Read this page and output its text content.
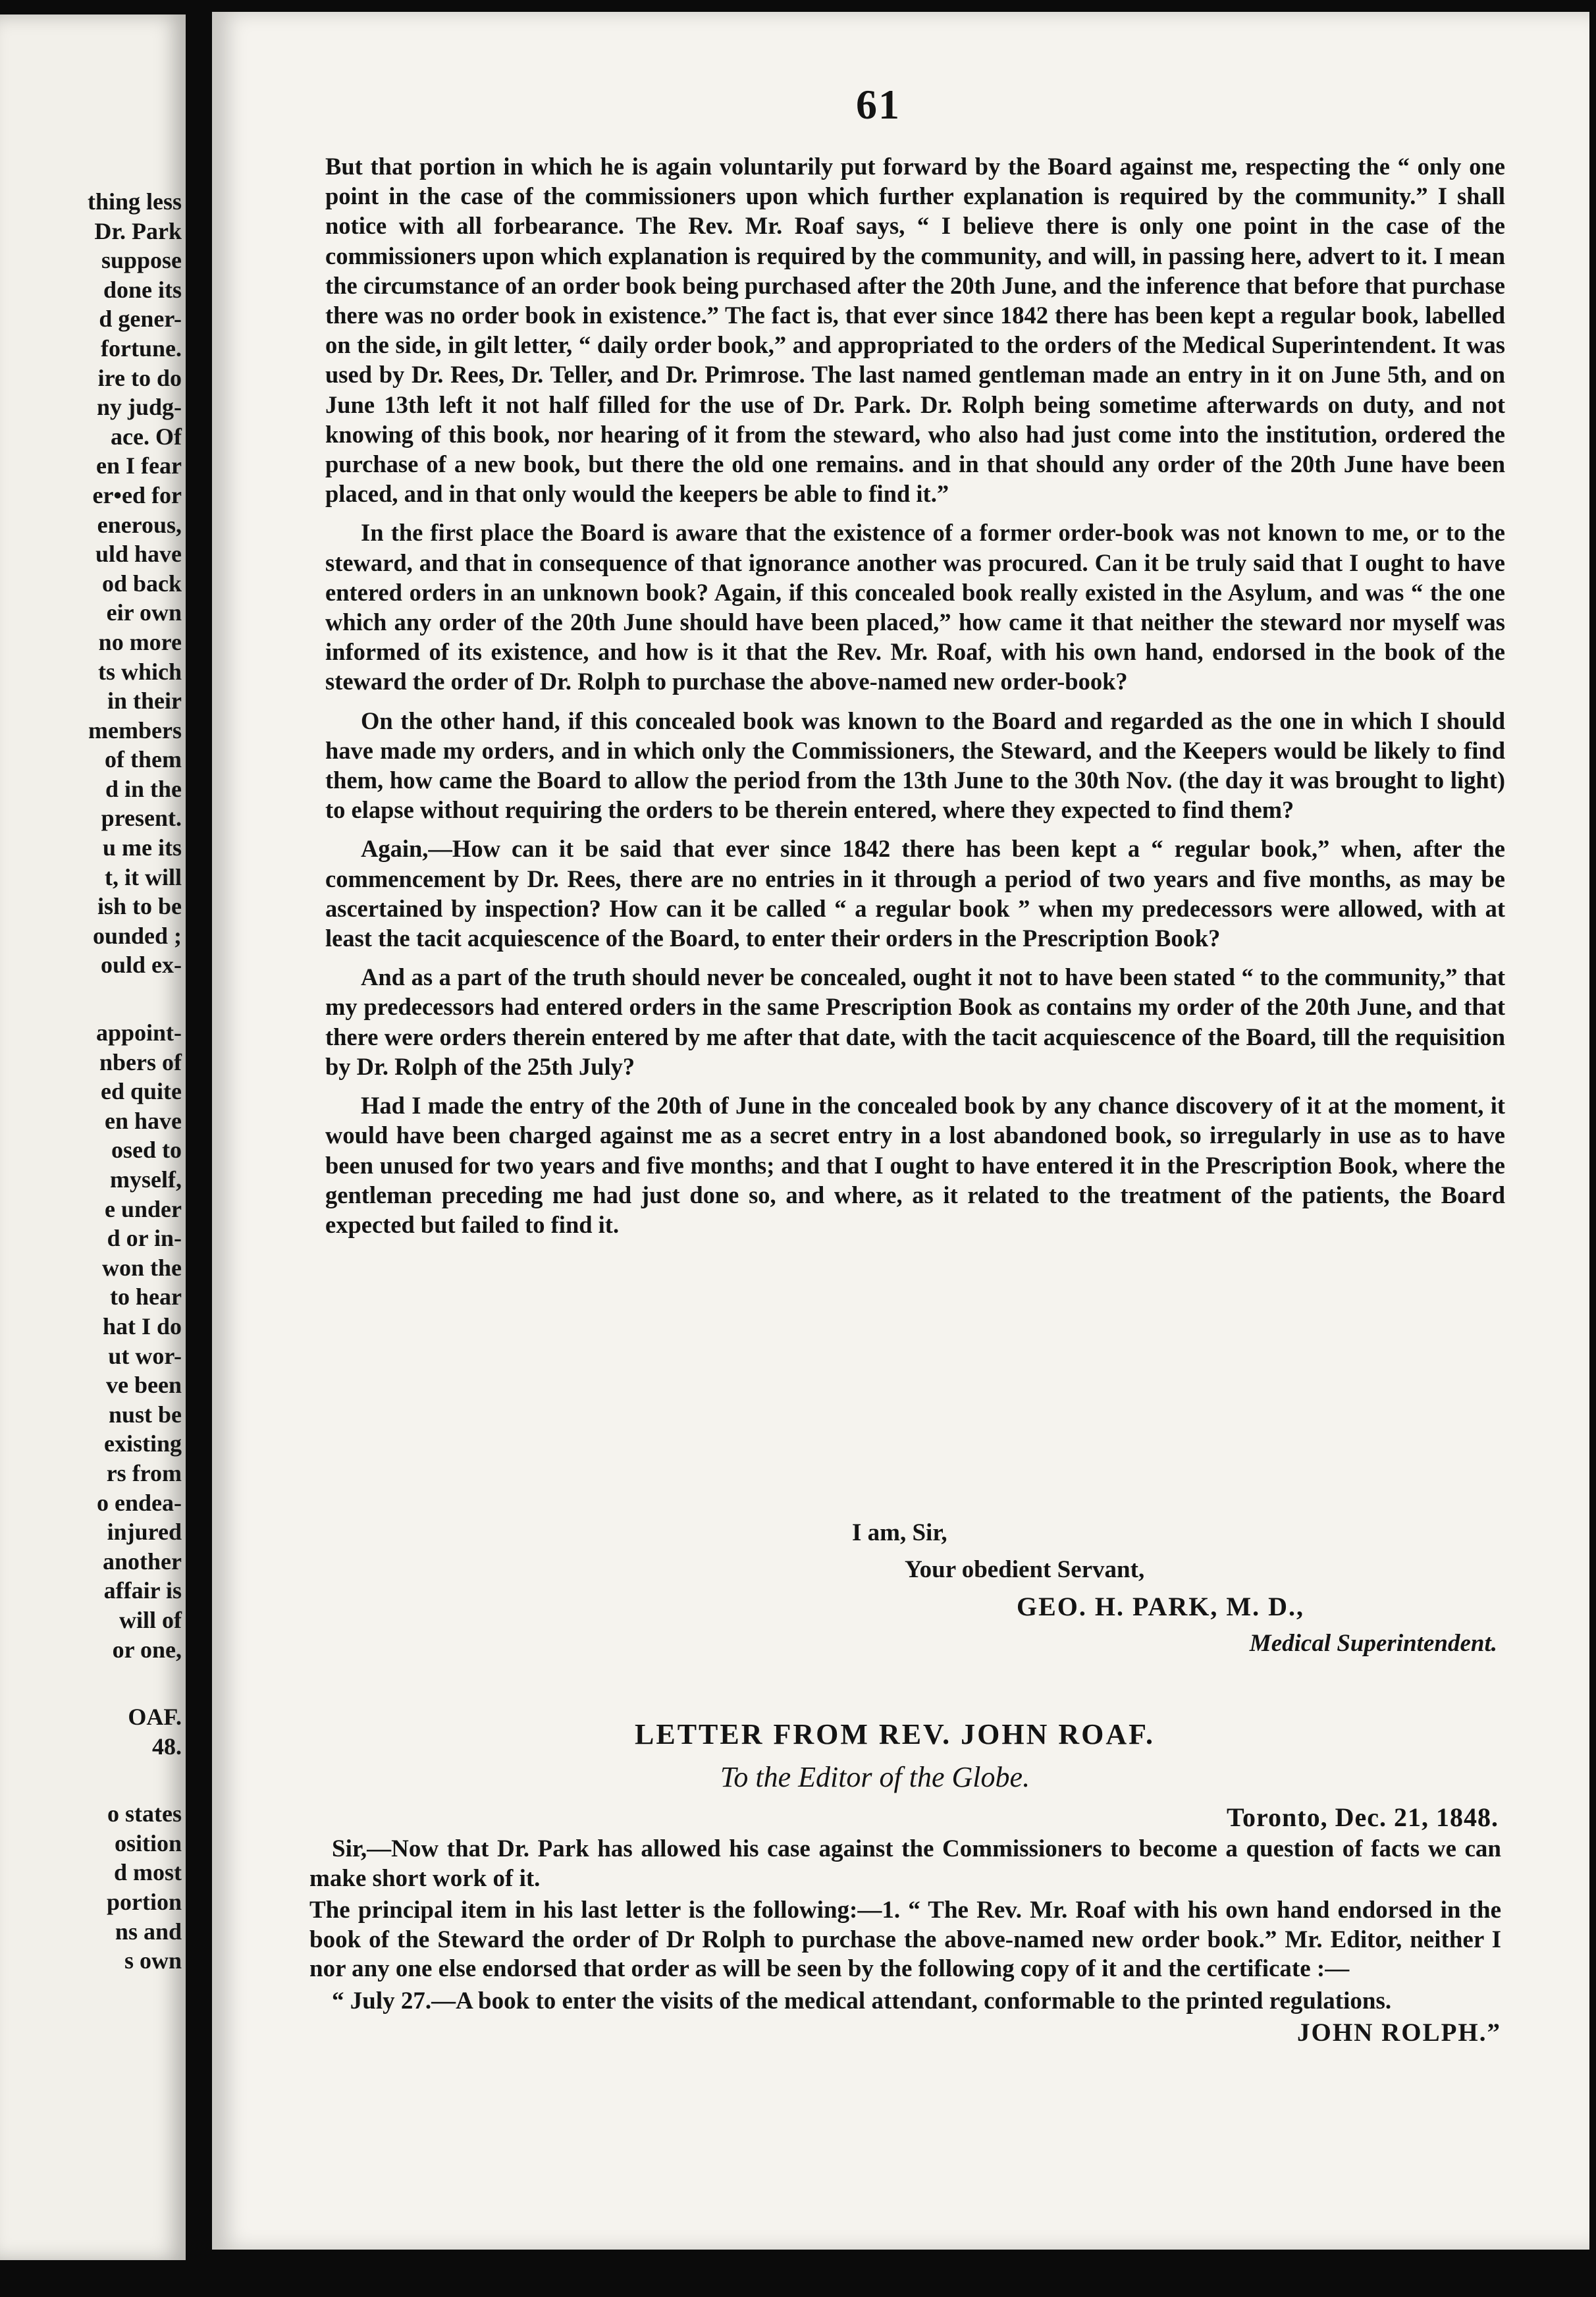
thing less
Dr. Park
suppose
done its
d gener-
fortune.
ire to do
ny judg-
ace. Of
en I fear
er•ed for
enerous,
uld have
od back
eir own
no more
ts which
in their
members
of them
d in the
present.
u me its
t, it will
ish to be
ounded ;
ould ex-
appoint-
nbers of
ed quite
en have
osed to
myself,
e under
d or in-
won the
to hear
hat I do
ut wor-
ve been
nust be
existing
rs from
o endea-
injured
another
affair is
will of
or one,
OAF.
48.
o states
osition
d most
portion
ns and
s own
61

But that portion in which he is again voluntarily put forward by the Board against me, respecting the “ only one point in the case of the commissioners upon which further explanation is required by the community.” I shall notice with all forbearance. The Rev. Mr. Roaf says, “ I believe there is only one point in the case of the commissioners upon which explanation is required by the community, and will, in passing here, advert to it. I mean the circumstance of an order book being purchased after the 20th June, and the inference that before that purchase there was no order book in existence.” The fact is, that ever since 1842 there has been kept a regular book, labelled on the side, in gilt letter, “ daily order book,” and appropriated to the orders of the Medical Superintendent. It was used by Dr. Rees, Dr. Teller, and Dr. Primrose. The last named gentleman made an entry in it on June 5th, and on June 13th left it not half filled for the use of Dr. Park. Dr. Rolph being sometime afterwards on duty, and not knowing of this book, nor hearing of it from the steward, who also had just come into the institution, ordered the purchase of a new book, but there the old one remains. and in that should any order of the 20th June have been placed, and in that only would the keepers be able to find it.”

In the first place the Board is aware that the existence of a former order-book was not known to me, or to the steward, and that in consequence of that ignorance another was procured. Can it be truly said that I ought to have entered orders in an unknown book? Again, if this concealed book really existed in the Asylum, and was “ the one which any order of the 20th June should have been placed,” how came it that neither the steward nor myself was informed of its existence, and how is it that the Rev. Mr. Roaf, with his own hand, endorsed in the book of the steward the order of Dr. Rolph to purchase the above-named new order-book?

On the other hand, if this concealed book was known to the Board and regarded as the one in which I should have made my orders, and in which only the Commissioners, the Steward, and the Keepers would be likely to find them, how came the Board to allow the period from the 13th June to the 30th Nov. (the day it was brought to light) to elapse without requiring the orders to be therein entered, where they expected to find them?

Again,—How can it be said that ever since 1842 there has been kept a “ regular book,” when, after the commencement by Dr. Rees, there are no entries in it through a period of two years and five months, as may be ascertained by inspection? How can it be called “ a regular book ” when my predecessors were allowed, with at least the tacit acquiescence of the Board, to enter their orders in the Prescription Book?

And as a part of the truth should never be concealed, ought it not to have been stated “ to the community,” that my predecessors had entered orders in the same Prescription Book as contains my order of the 20th June, and that there were orders therein entered by me after that date, with the tacit acquiescence of the Board, till the requisition by Dr. Rolph of the 25th July?

Had I made the entry of the 20th of June in the concealed book by any chance discovery of it at the moment, it would have been charged against me as a secret entry in a lost abandoned book, so irregularly in use as to have been unused for two years and five months; and that I ought to have entered it in the Prescription Book, where the gentleman preceding me had just done so, and where, as it related to the treatment of the patients, the Board expected but failed to find it.

I am, Sir,
Your obedient Servant,
GEO. H. PARK, M. D.,
Medical Superintendent.
LETTER FROM REV. JOHN ROAF.
To the Editor of the Globe.
Toronto, Dec. 21, 1848.

Sir,—Now that Dr. Park has allowed his case against the Commissioners to become a question of facts we can make short work of it.

The principal item in his last letter is the following:—1. “ The Rev. Mr. Roaf with his own hand endorsed in the book of the Steward the order of Dr Rolph to purchase the above-named new order book.” Mr. Editor, neither I nor any one else endorsed that order as will be seen by the following copy of it and the certificate :—

“ July 27.—A book to enter the visits of the medical attendant, conformable to the printed regulations.

JOHN ROLPH.”
